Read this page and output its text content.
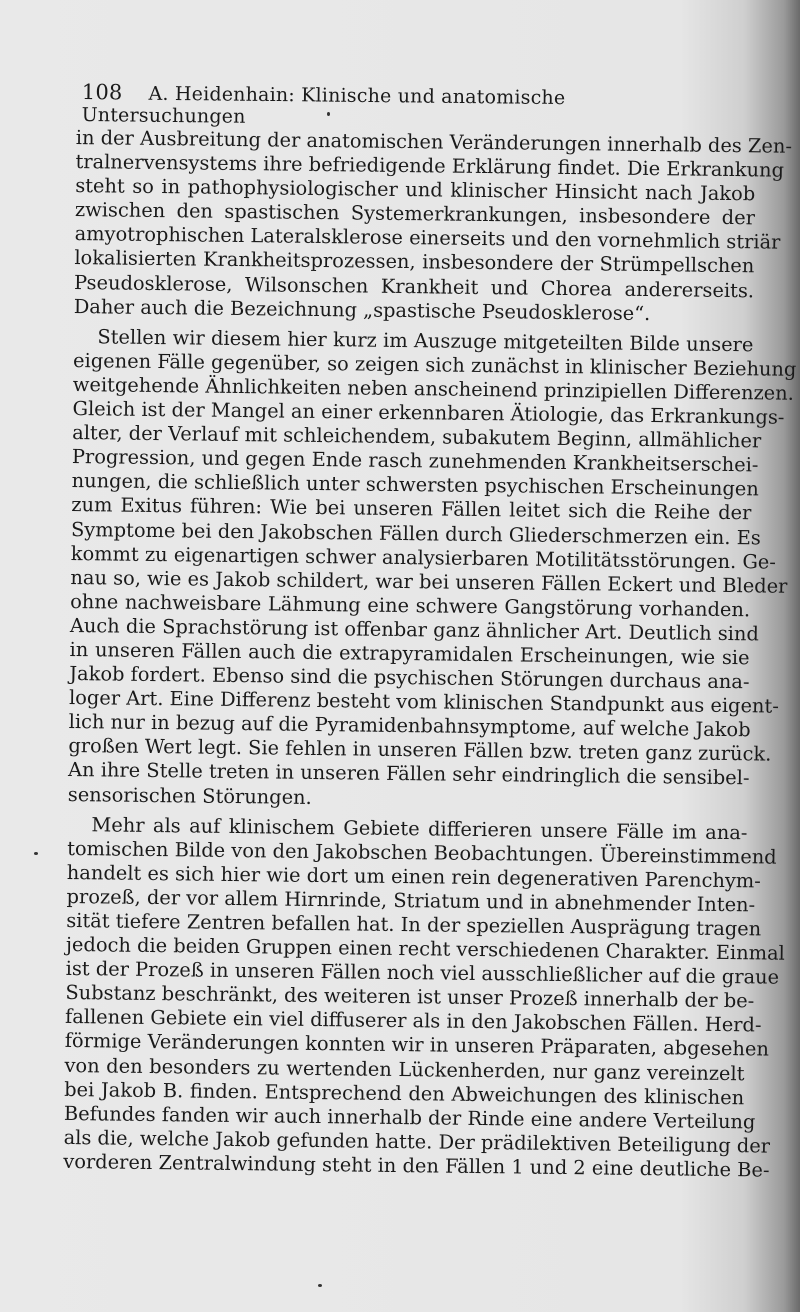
108 A. Heidenhain: Klinische und anatomische Untersuchungen
in der Ausbreitung der anatomischen Veränderungen innerhalb des Zen-
tralnervensystems ihre befriedigende Erklärung findet. Die Erkrankung
steht so in pathophysiologischer und klinischer Hinsicht nach Jakob
zwischen den spastischen Systemerkrankungen, insbesondere der
amyotrophischen Lateralsklerose einerseits und den vornehmlich striär
lokalisierten Krankheitsprozessen, insbesondere der Strümpellschen
Pseudosklerose, Wilsonschen Krankheit und Chorea andererseits.
Daher auch die Bezeichnung „spastische Pseudosklerose“.
Stellen wir diesem hier kurz im Auszuge mitgeteilten Bilde unsere
eigenen Fälle gegenüber, so zeigen sich zunächst in klinischer Beziehung
weitgehende Ähnlichkeiten neben anscheinend prinzipiellen Differenzen.
Gleich ist der Mangel an einer erkennbaren Ätiologie, das Erkrankungs-
alter, der Verlauf mit schleichendem, subakutem Beginn, allmählicher
Progression, und gegen Ende rasch zunehmenden Krankheitserschei-
nungen, die schließlich unter schwersten psychischen Erscheinungen
zum Exitus führen: Wie bei unseren Fällen leitet sich die Reihe der
Symptome bei den Jakobschen Fällen durch Gliederschmerzen ein. Es
kommt zu eigenartigen schwer analysierbaren Motilitätsstörungen. Ge-
nau so, wie es Jakob schildert, war bei unseren Fällen Eckert und Bleder
ohne nachweisbare Lähmung eine schwere Gangstörung vorhanden.
Auch die Sprachstörung ist offenbar ganz ähnlicher Art. Deutlich sind
in unseren Fällen auch die extrapyramidalen Erscheinungen, wie sie
Jakob fordert. Ebenso sind die psychischen Störungen durchaus ana-
loger Art. Eine Differenz besteht vom klinischen Standpunkt aus eigent-
lich nur in bezug auf die Pyramidenbahnsymptome, auf welche Jakob
großen Wert legt. Sie fehlen in unseren Fällen bzw. treten ganz zurück.
An ihre Stelle treten in unseren Fällen sehr eindringlich die sensibel-
sensorischen Störungen.
Mehr als auf klinischem Gebiete differieren unsere Fälle im ana-
tomischen Bilde von den Jakobschen Beobachtungen. Übereinstimmend
handelt es sich hier wie dort um einen rein degenerativen Parenchym-
prozeß, der vor allem Hirnrinde, Striatum und in abnehmender Inten-
sität tiefere Zentren befallen hat. In der speziellen Ausprägung tragen
jedoch die beiden Gruppen einen recht verschiedenen Charakter. Einmal
ist der Prozeß in unseren Fällen noch viel ausschließlicher auf die graue
Substanz beschränkt, des weiteren ist unser Prozeß innerhalb der be-
fallenen Gebiete ein viel diffuserer als in den Jakobschen Fällen. Herd-
förmige Veränderungen konnten wir in unseren Präparaten, abgesehen
von den besonders zu wertenden Lückenherden, nur ganz vereinzelt
bei Jakob B. finden. Entsprechend den Abweichungen des klinischen
Befundes fanden wir auch innerhalb der Rinde eine andere Verteilung
als die, welche Jakob gefunden hatte. Der prädilektiven Beteiligung der
vorderen Zentralwindung steht in den Fällen 1 und 2 eine deutliche Be-
